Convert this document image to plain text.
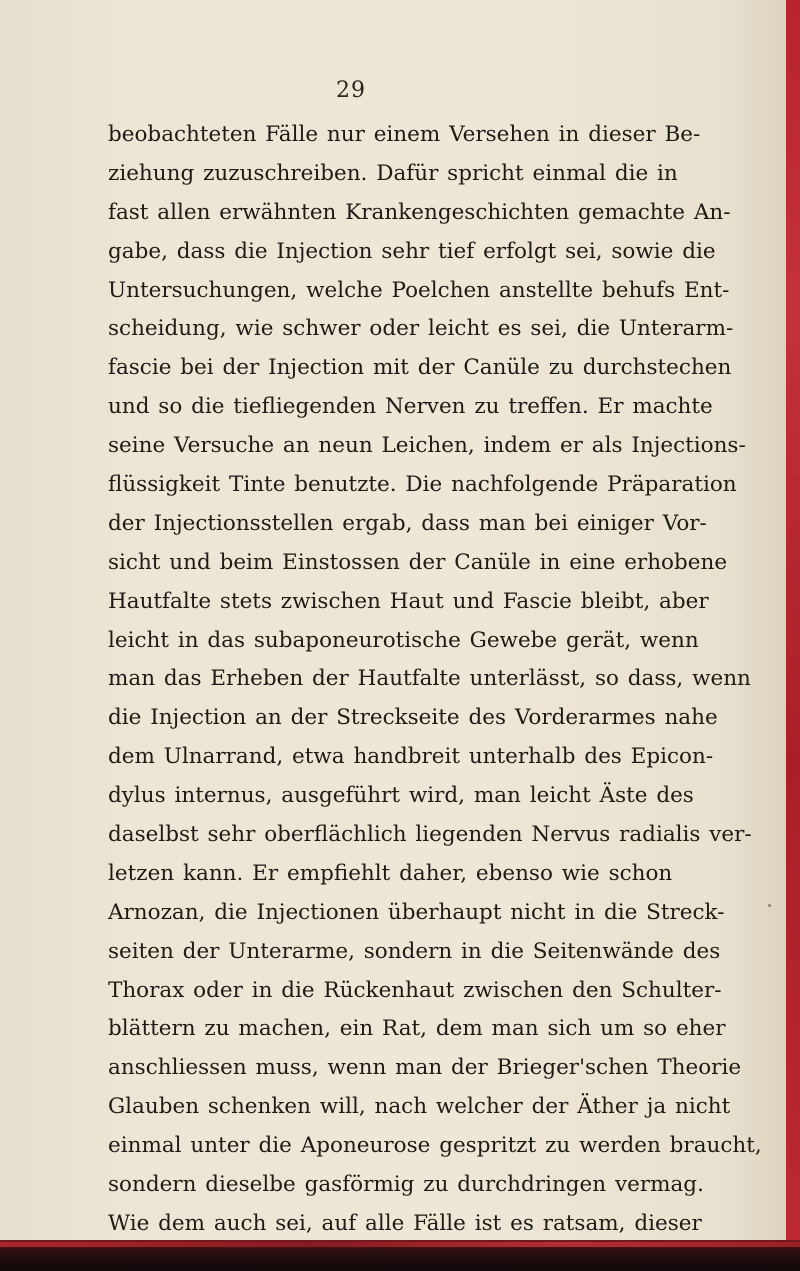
29
beobachteten Fälle nur einem Versehen in dieser Be-
ziehung zuzuschreiben. Dafür spricht einmal die in
fast allen erwähnten Krankengeschichten gemachte An-
gabe, dass die Injection sehr tief erfolgt sei, sowie die
Untersuchungen, welche Poelchen anstellte behufs Ent-
scheidung, wie schwer oder leicht es sei, die Unterarm-
fascie bei der Injection mit der Canüle zu durchstechen
und so die tiefliegenden Nerven zu treffen. Er machte
seine Versuche an neun Leichen, indem er als Injections-
flüssigkeit Tinte benutzte. Die nachfolgende Präparation
der Injectionsstellen ergab, dass man bei einiger Vor-
sicht und beim Einstossen der Canüle in eine erhobene
Hautfalte stets zwischen Haut und Fascie bleibt, aber
leicht in das subaponeurotische Gewebe gerät, wenn
man das Erheben der Hautfalte unterlässt, so dass, wenn
die Injection an der Streckseite des Vorderarmes nahe
dem Ulnarrand, etwa handbreit unterhalb des Epicon-
dylus internus, ausgeführt wird, man leicht Äste des
daselbst sehr oberflächlich liegenden Nervus radialis ver-
letzen kann. Er empfiehlt daher, ebenso wie schon
Arnozan, die Injectionen überhaupt nicht in die Streck-
seiten der Unterarme, sondern in die Seitenwände des
Thorax oder in die Rückenhaut zwischen den Schulter-
blättern zu machen, ein Rat, dem man sich um so eher
anschliessen muss, wenn man der Brieger'schen Theorie
Glauben schenken will, nach welcher der Äther ja nicht
einmal unter die Aponeurose gespritzt zu werden braucht,
sondern dieselbe gasförmig zu durchdringen vermag.
Wie dem auch sei, auf alle Fälle ist es ratsam, dieser
